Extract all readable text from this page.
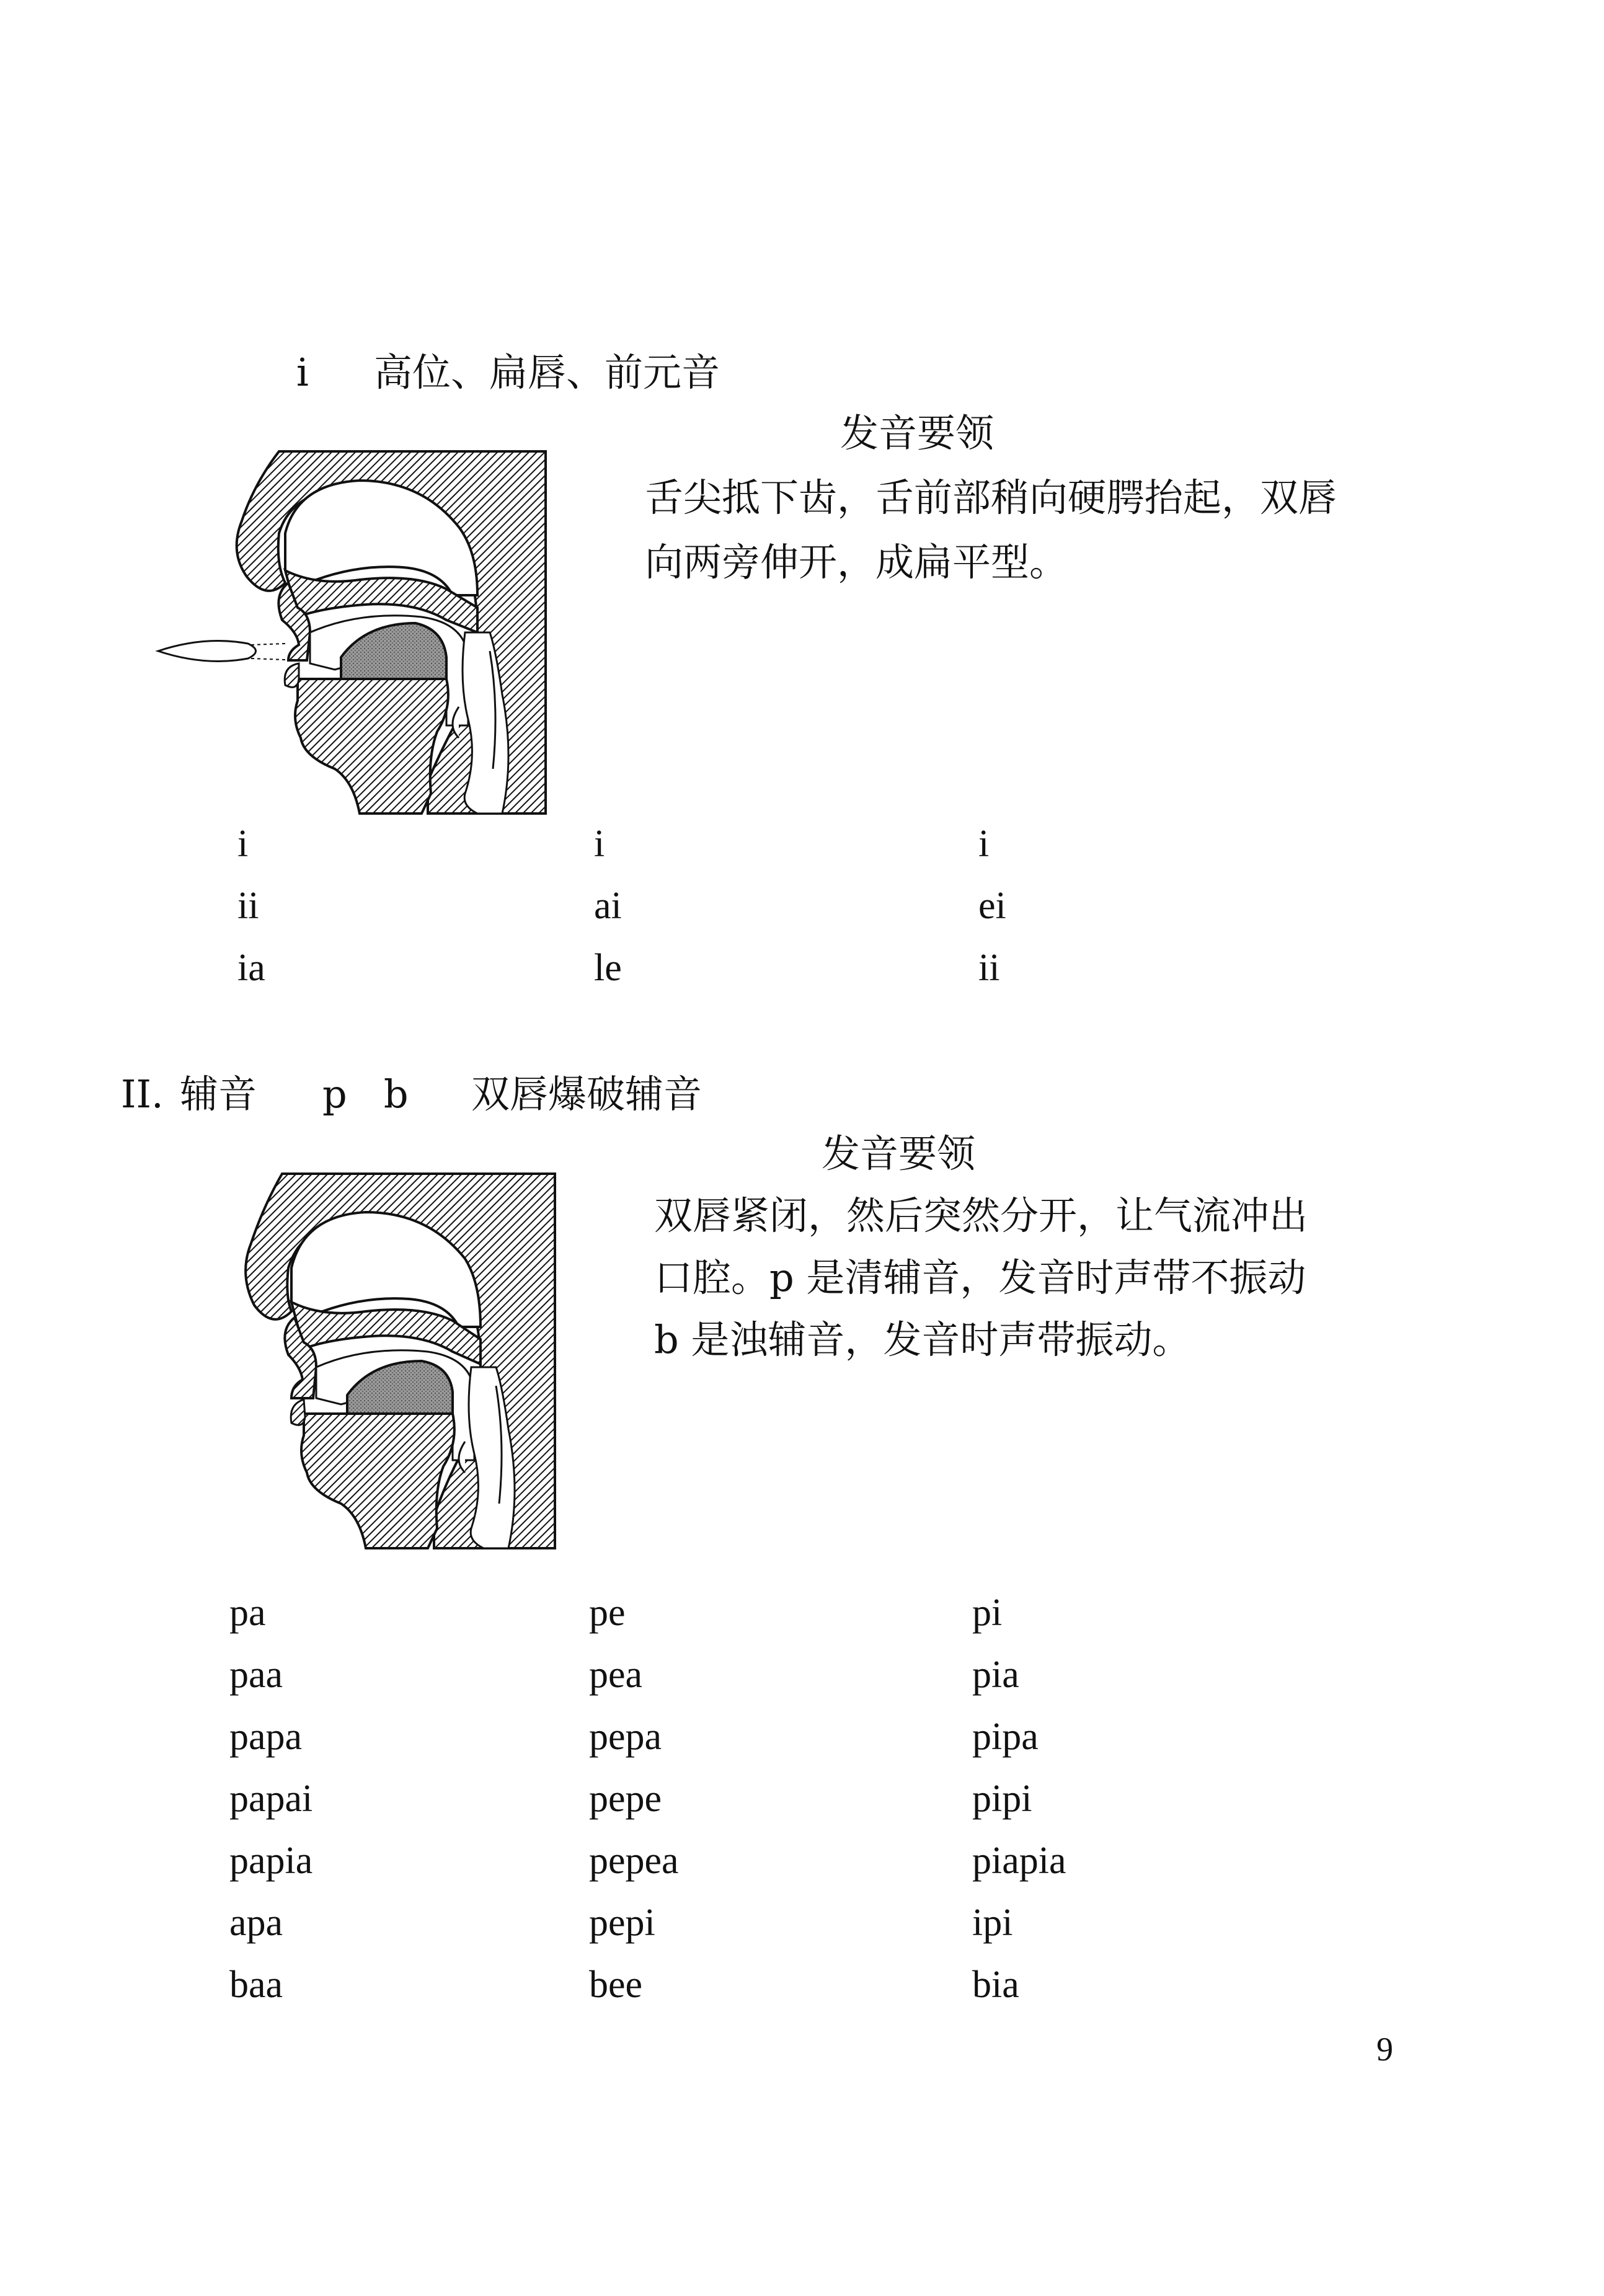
i 高位、扁唇、前元音
发音要领
舌尖抵下齿，舌前部稍向硬腭抬起，双唇
向两旁伸开，成扁平型。
i	i	i
ii	ai	ei
ia	le	ii
II. 辅音 p   b 双唇爆破辅音
发音要领
双唇紧闭，然后突然分开，让气流冲出
口腔。p 是清辅音，发音时声带不振动
b 是浊辅音，发音时声带振动。
pa	pe	pi
paa	pea	pia
papa	pepa	pipa
papai	pepe	pipi
papia	pepea	piapia
apa	pepi	ipi
baa	bee	bia
9
